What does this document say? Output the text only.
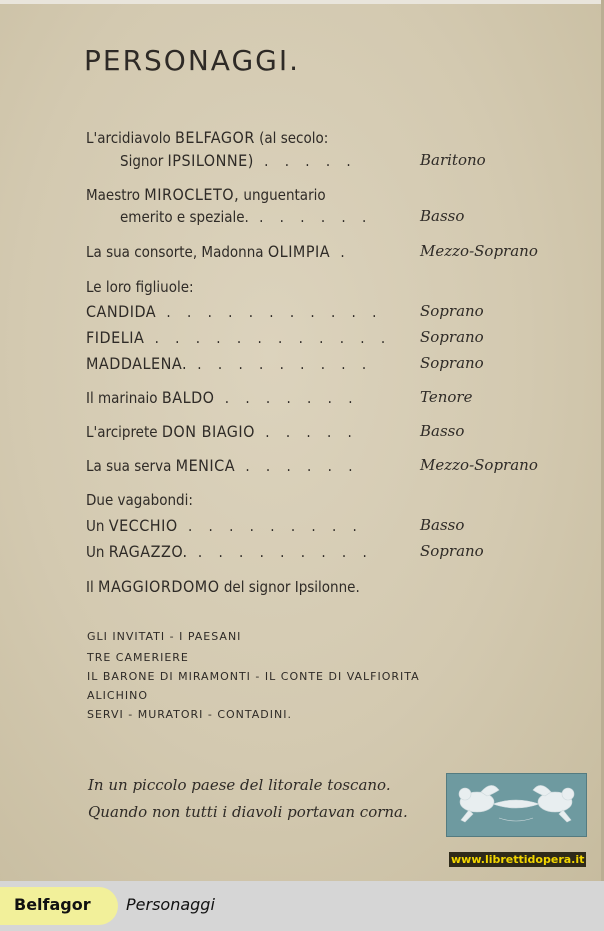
PERSONAGGI.
L'arcidiavolo BELFAGOR (al secolo:
Signor IPSILONNE) . . . . .	Baritono
Maestro MIROCLETO, unguentario
emerito e speziale. . . . . . .	Basso
La sua consorte, Madonna OLIMPIA .	Mezzo-Soprano
Le loro figliuole:
CANDIDA . . . . . . . . . . .	Soprano
FIDELIA . . . . . . . . . . . . Soprano
MADDALENA. . . . . . . . . .	Soprano
Il marinaio BALDO . . . . . . .	Tenore
L'arciprete DON BIAGIO . . . . .	Basso
La sua serva MENICA . . . . . .	Mezzo-Soprano
Due vagabondi:
Un VECCHIO . . . . . . . . .	Basso
Un RAGAZZO. . . . . . . . . .	Soprano
Il MAGGIORDOMO del signor Ipsilonne.
GLI INVITATI - I PAESANI
TRE CAMERIERE
IL BARONE DI MIRAMONTI - IL CONTE DI VALFIORITA
ALICHINO
SERVI - MURATORI - CONTADINI.
In un piccolo paese del litorale toscano.
Quando non tutti i diavoli portavan corna.
www.librettidopera.it
Belfagor Personaggi
